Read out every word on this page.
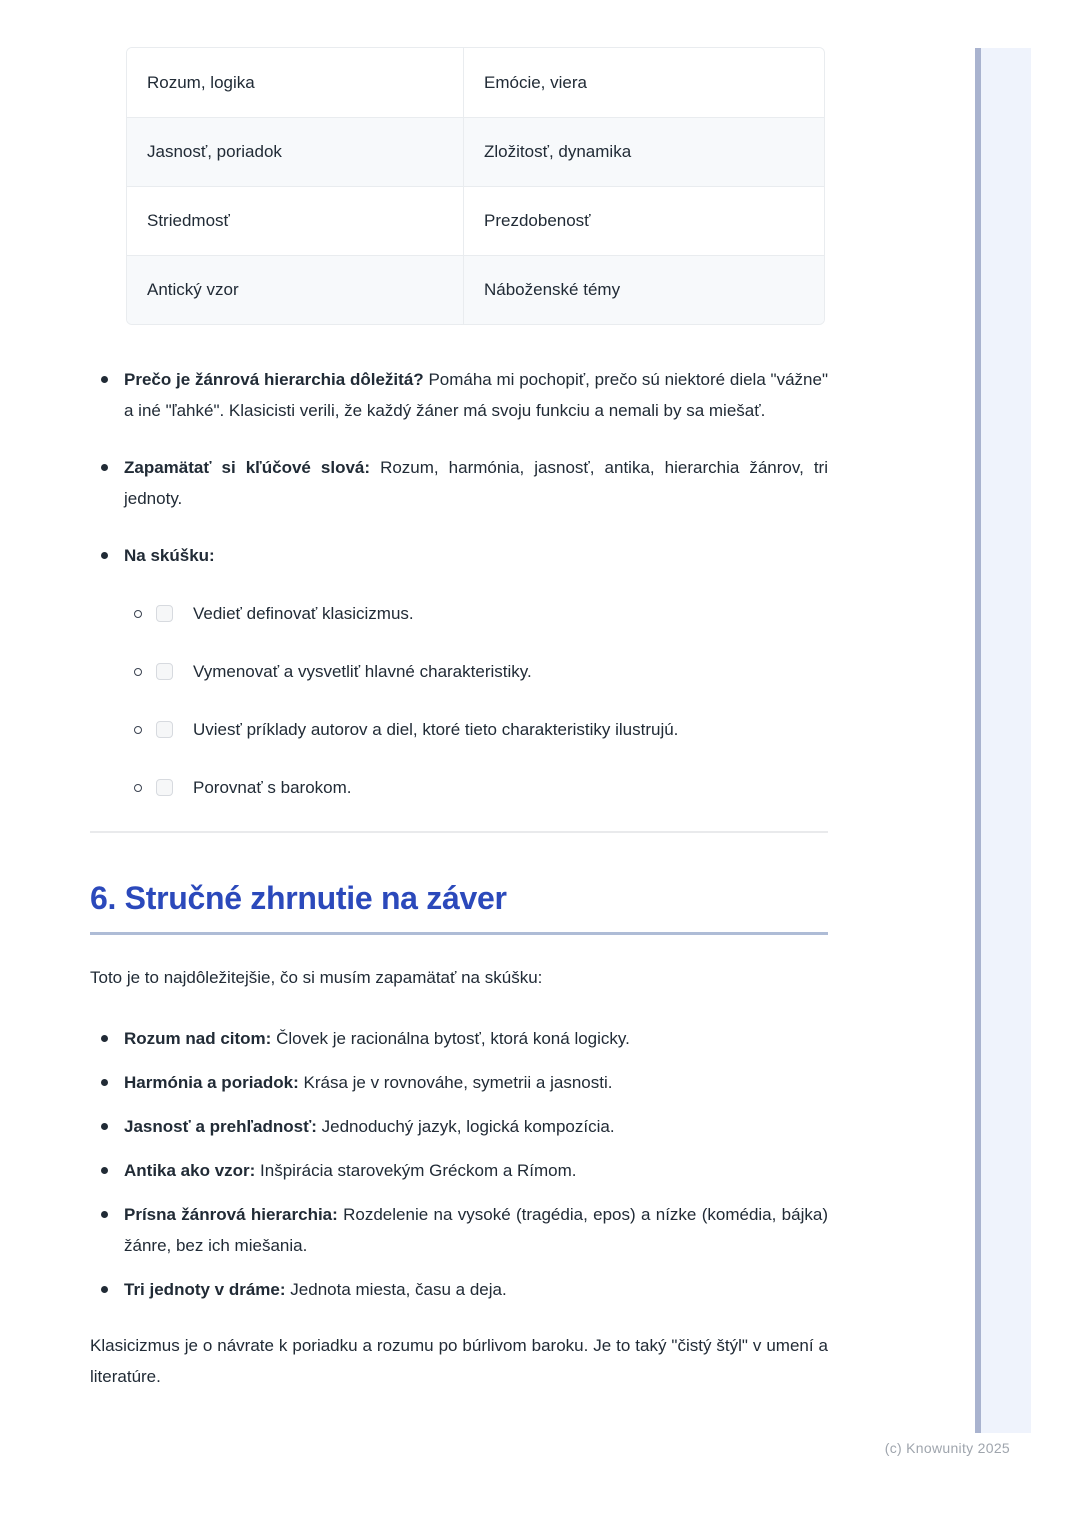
Rozum, logika	Emócie, viera
Jasnosť, poriadok	Zložitosť, dynamika
Striedmosť	Prezdobenosť
Antický vzor	Náboženské témy
Prečo je žánrová hierarchia dôležitá? Pomáha mi pochopiť, prečo sú niektoré diela "vážne" a iné "ľahké". Klasicisti verili, že každý žáner má svoju funkciu a nemali by sa miešať.
Zapamätať si kľúčové slová: Rozum, harmónia, jasnosť, antika, hierarchia žánrov, tri jednoty.
Na skúšku:
Vedieť definovať klasicizmus.
Vymenovať a vysvetliť hlavné charakteristiky.
Uviesť príklady autorov a diel, ktoré tieto charakteristiky ilustrujú.
Porovnať s barokom.
6. Stručné zhrnutie na záver
Toto je to najdôležitejšie, čo si musím zapamätať na skúšku:
Rozum nad citom: Človek je racionálna bytosť, ktorá koná logicky.
Harmónia a poriadok: Krása je v rovnováhe, symetrii a jasnosti.
Jasnosť a prehľadnosť: Jednoduchý jazyk, logická kompozícia.
Antika ako vzor: Inšpirácia starovekým Gréckom a Rímom.
Prísna žánrová hierarchia: Rozdelenie na vysoké (tragédia, epos) a nízke (komédia, bájka) žánre, bez ich miešania.
Tri jednoty v dráme: Jednota miesta, času a deja.
Klasicizmus je o návrate k poriadku a rozumu po búrlivom baroku. Je to taký "čistý štýl" v umení a literatúre.
(c) Knowunity 2025
